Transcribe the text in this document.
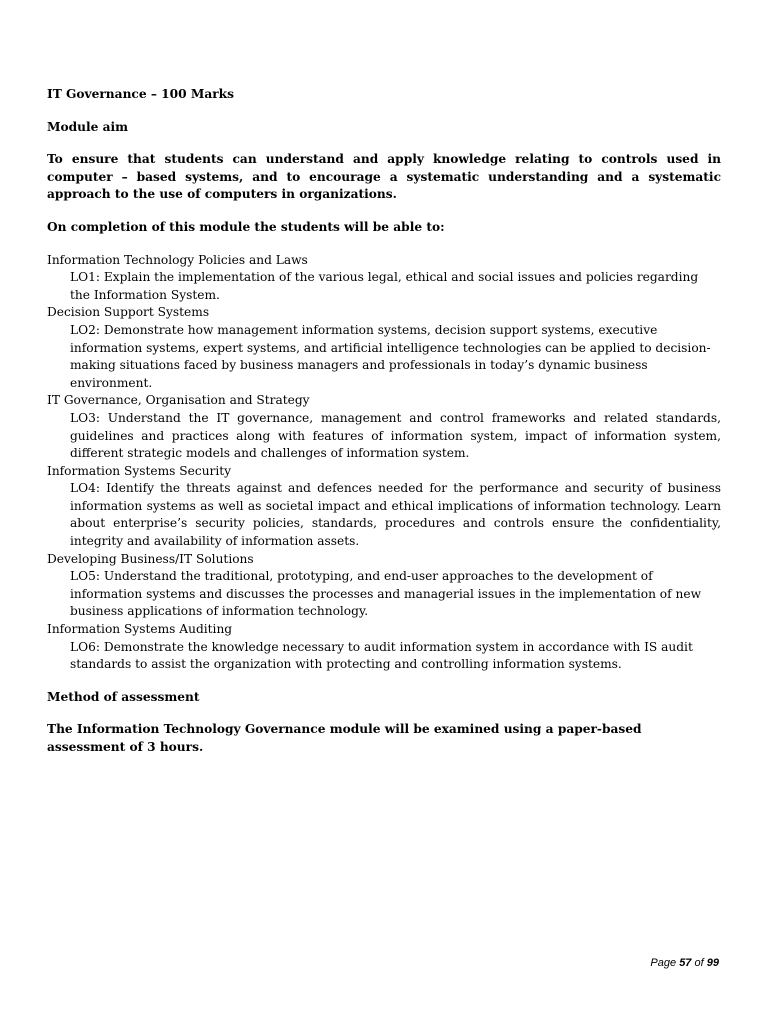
IT Governance – 100 Marks

Module aim

To ensure that students can understand and apply knowledge relating to controls used in computer – based systems, and to encourage a systematic understanding and a systematic approach to the use of computers in organizations.

On completion of this module the students will be able to:

Information Technology Policies and Laws

LO1: Explain the implementation of the various legal, ethical and social issues and policies regarding the Information System.

Decision Support Systems

LO2: Demonstrate how management information systems, decision support systems, executive information systems, expert systems, and artificial intelligence technologies can be applied to decision-making situations faced by business managers and professionals in today’s dynamic business environment.

IT Governance, Organisation and Strategy

LO3: Understand the IT governance, management and control frameworks and related standards, guidelines and practices along with features of information system, impact of information system, different strategic models and challenges of information system.

Information Systems Security

LO4: Identify the threats against and defences needed for the performance and security of business information systems as well as societal impact and ethical implications of information technology. Learn about enterprise’s security policies, standards, procedures and controls ensure the confidentiality, integrity and availability of information assets.

Developing Business/IT Solutions

LO5: Understand the traditional, prototyping, and end-user approaches to the development of information systems and discusses the processes and managerial issues in the implementation of new business applications of information technology.

Information Systems Auditing

LO6: Demonstrate the knowledge necessary to audit information system in accordance with IS audit standards to assist the organization with protecting and controlling information systems.

Method of assessment

The Information Technology Governance module will be examined using a paper-based assessment of 3 hours.

Page 57 of 99
